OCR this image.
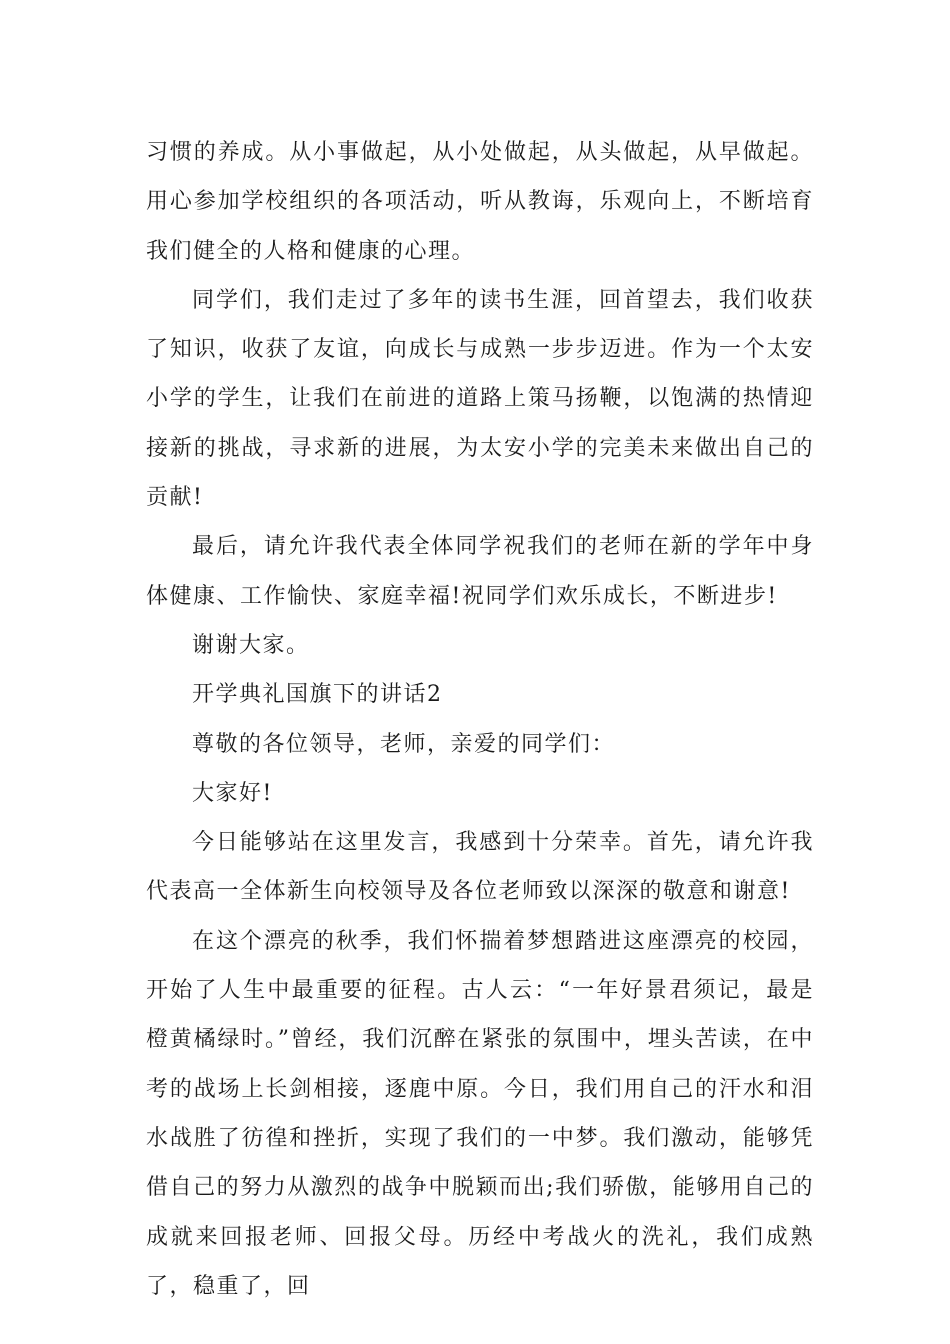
习惯的养成。从小事做起，从小处做起，从头做起，从早做起。用心参加学校组织的各项活动，听从教诲，乐观向上，不断培育我们健全的人格和健康的心理。

同学们，我们走过了多年的读书生涯，回首望去，我们收获了知识，收获了友谊，向成长与成熟一步步迈进。作为一个太安小学的学生，让我们在前进的道路上策马扬鞭，以饱满的热情迎接新的挑战，寻求新的进展，为太安小学的完美未来做出自己的贡献!

最后，请允许我代表全体同学祝我们的老师在新的学年中身体健康、工作愉快、家庭幸福!祝同学们欢乐成长，不断进步!

谢谢大家。

开学典礼国旗下的讲话2

尊敬的各位领导，老师，亲爱的同学们：

大家好!

今日能够站在这里发言，我感到十分荣幸。首先，请允许我代表高一全体新生向校领导及各位老师致以深深的敬意和谢意!

在这个漂亮的秋季，我们怀揣着梦想踏进这座漂亮的校园，开始了人生中最重要的征程。古人云：“一年好景君须记，最是橙黄橘绿时。”曾经，我们沉醉在紧张的氛围中，埋头苦读，在中考的战场上长剑相接，逐鹿中原。今日，我们用自己的汗水和泪水战胜了彷徨和挫折，实现了我们的一中梦。我们激动，能够凭借自己的努力从激烈的战争中脱颖而出;我们骄傲，能够用自己的成就来回报老师、回报父母。历经中考战火的洗礼，我们成熟了，稳重了，回
